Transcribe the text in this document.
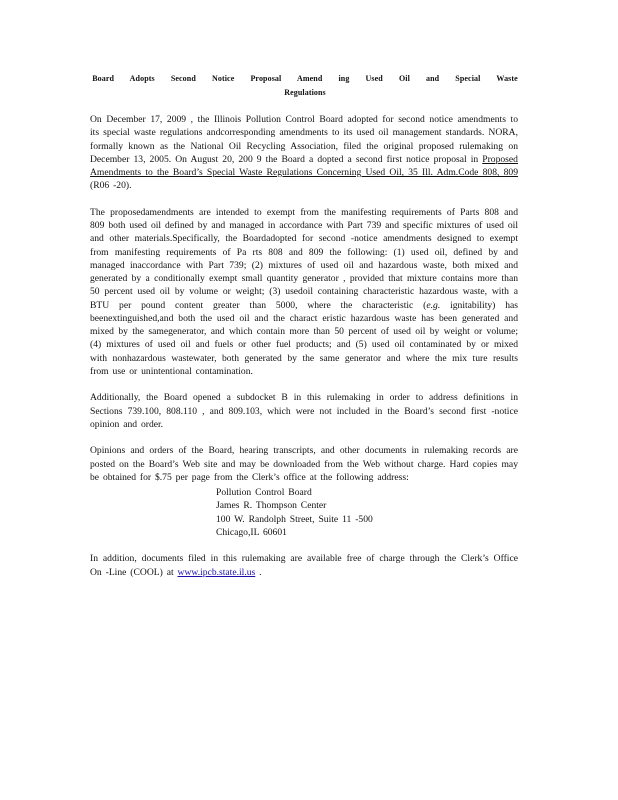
Board Adopts Second Notice Proposal Amend ing Used Oil and Special Waste
Regulations

On December 17, 2009 , the Illinois Pollution Control Board adopted for second notice amendments to its special waste regulations andcorresponding amendments to its used oil management standards. NORA, formally known as the National Oil Recycling Association, filed the original proposed rulemaking on December 13, 2005. On August 20, 200 9 the Board a dopted a second first notice proposal in Proposed Amendments to the Board’s Special Waste Regulations Concerning Used Oil, 35 Ill. Adm.Code 808, 809 (R06 -20).

The proposedamendments are intended to exempt from the manifesting requirements of Parts 808 and 809 both used oil defined by and managed in accordance with Part 739 and specific mixtures of used oil and other materials.Specifically, the Boardadopted for second -notice amendments designed to exempt from manifesting requirements of Pa rts 808 and 809 the following: (1) used oil, defined by and managed inaccordance with Part 739; (2) mixtures of used oil and hazardous waste, both mixed and generated by a conditionally exempt small quantity generator , provided that mixture contains more than 50 percent used oil by volume or weight; (3) usedoil containing characteristic hazardous waste, with a BTU per pound content greater than 5000, where the characteristic (e.g. ignitability) has beenextinguished,and both the used oil and the charact eristic hazardous waste has been generated and mixed by the samegenerator, and which contain more than 50 percent of used oil by weight or volume; (4) mixtures of used oil and fuels or other fuel products; and (5) used oil contaminated by or mixed with nonhazardous wastewater, both generated by the same generator and where the mix ture results from use or unintentional contamination.

Additionally, the Board opened a subdocket B in this rulemaking in order to address definitions in Sections 739.100, 808.110 , and 809.103, which were not included in the Board’s second first -notice opinion and order.

Opinions and orders of the Board, hearing transcripts, and other documents in rulemaking records are posted on the Board’s Web site and may be downloaded from the Web without charge. Hard copies may be obtained for $.75 per page from the Clerk’s office at the following address:

Pollution Control Board
James R. Thompson Center
100 W. Randolph Street, Suite 11 -500
Chicago,IL 60601

In addition, documents filed in this rulemaking are available free of charge through the Clerk’s Office On -Line (COOL) at www.ipcb.state.il.us .
